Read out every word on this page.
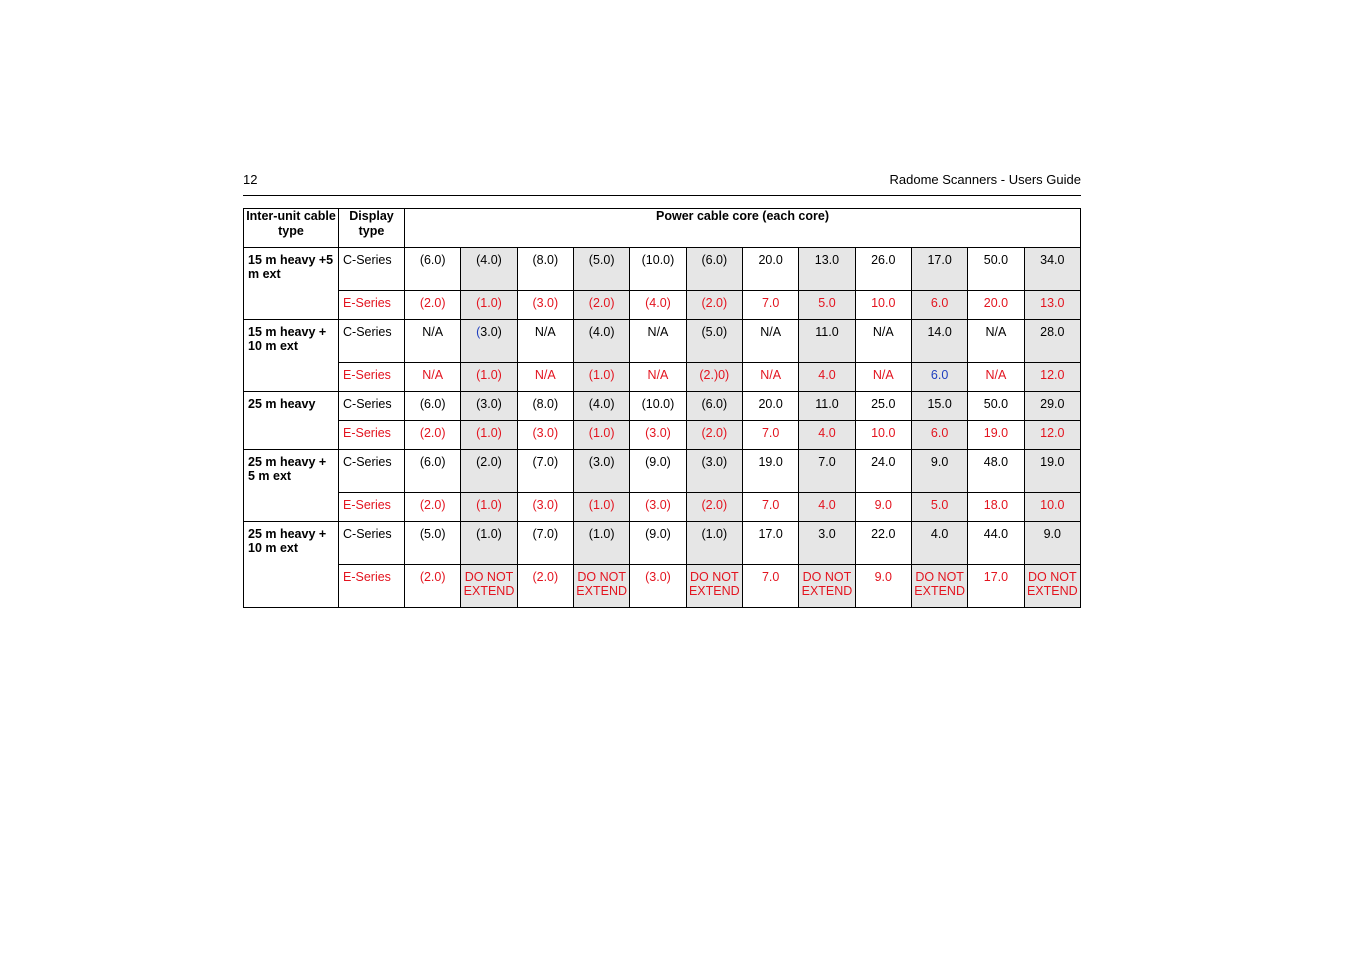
12	Radome Scanners - Users Guide
Inter-unit cable type	Display type	Power cable core (each core)											
15 m heavy +5 m ext	C-Series	(6.0)	(4.0)	(8.0)	(5.0)	(10.0)	(6.0)	20.0	13.0	26.0	17.0	50.0	34.0
	E-Series	(2.0)	(1.0)	(3.0)	(2.0)	(4.0)	(2.0)	7.0	5.0	10.0	6.0	20.0	13.0
15 m heavy + 10 m ext	C-Series	N/A	(3.0)	N/A	(4.0)	N/A	(5.0)	N/A	11.0	N/A	14.0	N/A	28.0
	E-Series	N/A	(1.0)	N/A	(1.0)	N/A	(2.)0)	N/A	4.0	N/A	6.0	N/A	12.0
25 m heavy	C-Series	(6.0)	(3.0)	(8.0)	(4.0)	(10.0)	(6.0)	20.0	11.0	25.0	15.0	50.0	29.0
	E-Series	(2.0)	(1.0)	(3.0)	(1.0)	(3.0)	(2.0)	7.0	4.0	10.0	6.0	19.0	12.0
25 m heavy + 5 m ext	C-Series	(6.0)	(2.0)	(7.0)	(3.0)	(9.0)	(3.0)	19.0	7.0	24.0	9.0	48.0	19.0
	E-Series	(2.0)	(1.0)	(3.0)	(1.0)	(3.0)	(2.0)	7.0	4.0	9.0	5.0	18.0	10.0
25 m heavy + 10 m ext	C-Series	(5.0)	(1.0)	(7.0)	(1.0)	(9.0)	(1.0)	17.0	3.0	22.0	4.0	44.0	9.0
	E-Series	(2.0)	DO NOT EXTEND	(2.0)	DO NOT EXTEND	(3.0)	DO NOT EXTEND	7.0	DO NOT EXTEND	9.0	DO NOT EXTEND	17.0	DO NOT EXTEND
